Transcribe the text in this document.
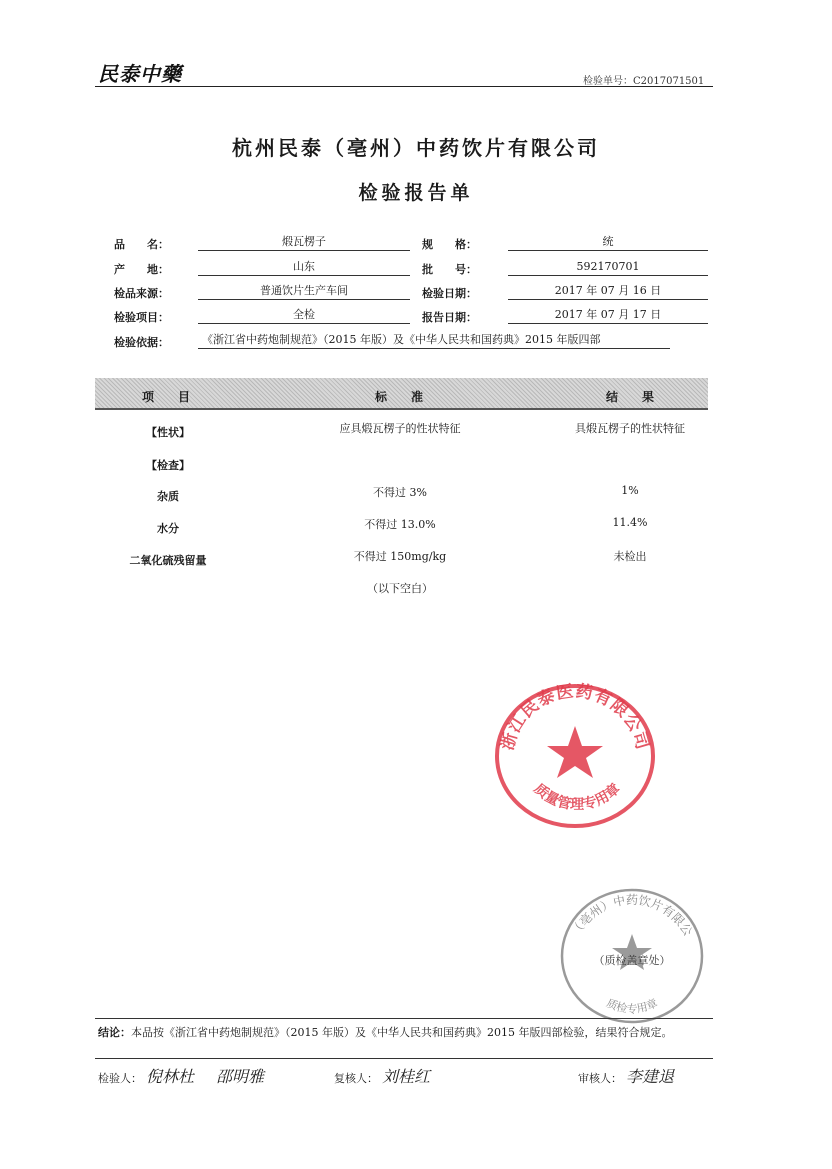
民泰中藥	检验单号：C2017071501
杭州民泰（亳州）中药饮片有限公司
检验报告单
品　　名：	煅瓦楞子	规　　格：	统
产　　地：	山东	批　　号：	592170701
检品来源：	普通饮片生产车间	检验日期：	2017 年 07 月 16 日
检验项目：	全检	报告日期：	2017 年 07 月 17 日
检验依据：	《浙江省中药炮制规范》（2015 年版）及《中华人民共和国药典》2015 年版四部
项　　目	标　　准	结　　果
【性状】	应具煅瓦楞子的性状特征	具煅瓦楞子的性状特征
【检查】
杂质	不得过 3%	1%
水分	不得过 13.0%	11.4%
二氧化硫残留量	不得过 150mg/kg	未检出
（以下空白）
浙江民泰医药有限公司
质量管理专用章
（亳州）中药饮片有限公
（质检盖章处）
质检专用章
结论：本品按《浙江省中药炮制规范》（2015 年版）及《中华人民共和国药典》2015 年版四部检验，结果符合规定。
检验人： 倪林杜 邵明雅	复核人： 刘桂红	审核人： 李建退
